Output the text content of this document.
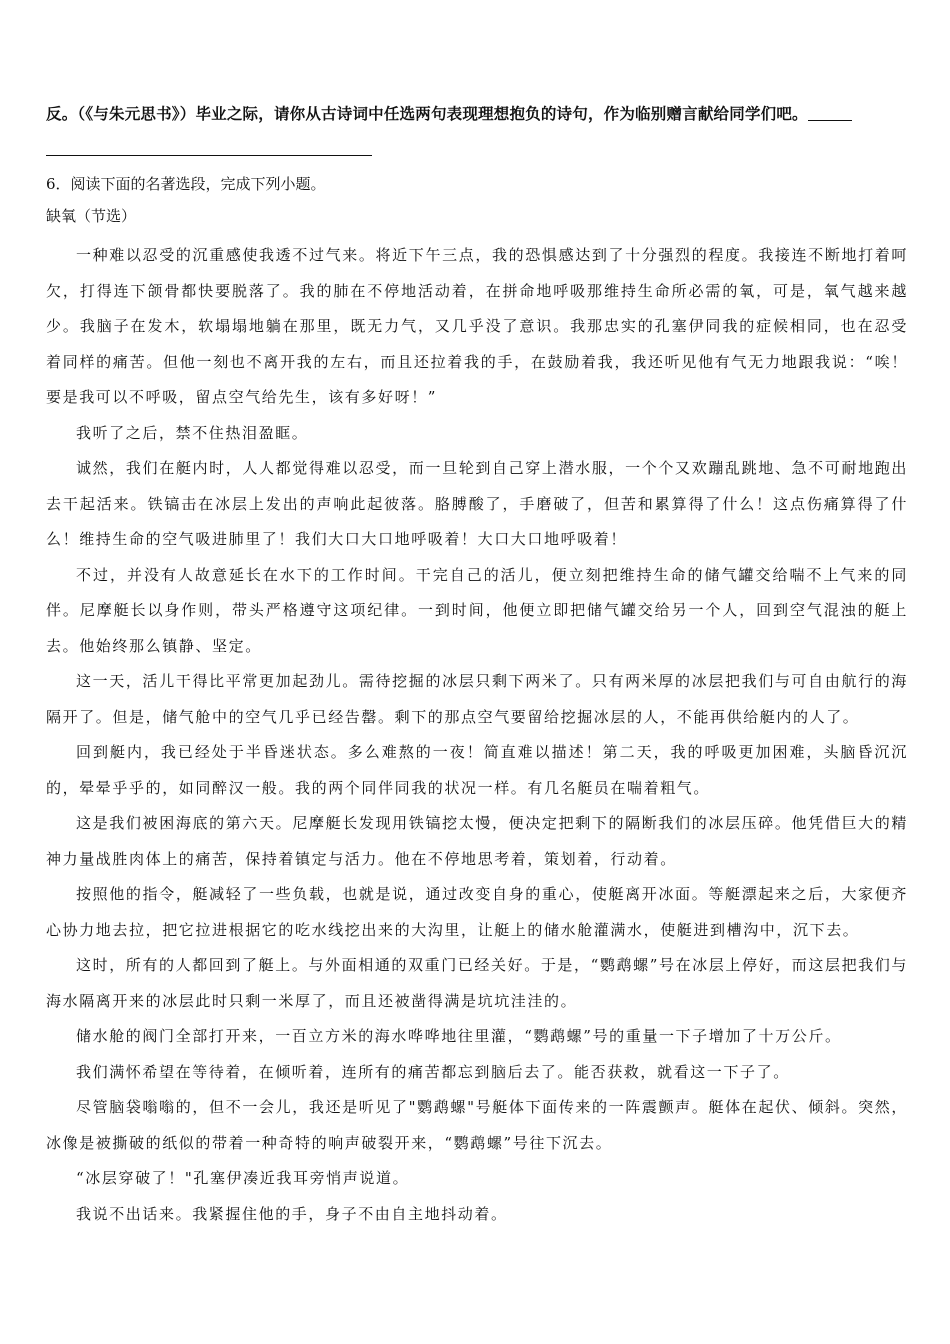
反。（《与朱元思书》）毕业之际，请你从古诗词中任选两句表现理想抱负的诗句，作为临别赠言献给同学们吧。
6．阅读下面的名著选段，完成下列小题。
缺氧（节选）

一种难以忍受的沉重感使我透不过气来。将近下午三点，我的恐惧感达到了十分强烈的程度。我接连不断地打着呵欠，打得连下颌骨都快要脱落了。我的肺在不停地活动着，在拼命地呼吸那维持生命所必需的氧，可是，氧气越来越少。我脑子在发木，软塌塌地躺在那里，既无力气，又几乎没了意识。我那忠实的孔塞伊同我的症候相同，也在忍受着同样的痛苦。但他一刻也不离开我的左右，而且还拉着我的手，在鼓励着我，我还听见他有气无力地跟我说：“唉！要是我可以不呼吸，留点空气给先生，该有多好呀！”

我听了之后，禁不住热泪盈眶。

诚然，我们在艇内时，人人都觉得难以忍受，而一旦轮到自己穿上潜水服，一个个又欢蹦乱跳地、急不可耐地跑出去干起活来。铁镐击在冰层上发出的声响此起彼落。胳膊酸了，手磨破了，但苦和累算得了什么！这点伤痛算得了什么！维持生命的空气吸进肺里了！我们大口大口地呼吸着！大口大口地呼吸着！

不过，并没有人故意延长在水下的工作时间。干完自己的活儿，便立刻把维持生命的储气罐交给喘不上气来的同伴。尼摩艇长以身作则，带头严格遵守这项纪律。一到时间，他便立即把储气罐交给另一个人，回到空气混浊的艇上去。他始终那么镇静、坚定。

这一天，活儿干得比平常更加起劲儿。需待挖掘的冰层只剩下两米了。只有两米厚的冰层把我们与可自由航行的海隔开了。但是，储气舱中的空气几乎已经告罄。剩下的那点空气要留给挖掘冰层的人，不能再供给艇内的人了。

回到艇内，我已经处于半昏迷状态。多么难熬的一夜！简直难以描述！第二天，我的呼吸更加困难，头脑昏沉沉的，晕晕乎乎的，如同醉汉一般。我的两个同伴同我的状况一样。有几名艇员在喘着粗气。

这是我们被困海底的第六天。尼摩艇长发现用铁镐挖太慢，便决定把剩下的隔断我们的冰层压碎。他凭借巨大的精神力量战胜肉体上的痛苦，保持着镇定与活力。他在不停地思考着，策划着，行动着。

按照他的指令，艇减轻了一些负载，也就是说，通过改变自身的重心，使艇离开冰面。等艇漂起来之后，大家便齐心协力地去拉，把它拉进根据它的吃水线挖出来的大沟里，让艇上的储水舱灌满水，使艇进到槽沟中，沉下去。

这时，所有的人都回到了艇上。与外面相通的双重门已经关好。于是，“鹦鹉螺”号在冰层上停好，而这层把我们与海水隔离开来的冰层此时只剩一米厚了，而且还被凿得满是坑坑洼洼的。

储水舱的阀门全部打开来，一百立方米的海水哗哗地往里灌，“鹦鹉螺”号的重量一下子增加了十万公斤。

我们满怀希望在等待着，在倾听着，连所有的痛苦都忘到脑后去了。能否获救，就看这一下子了。

尽管脑袋嗡嗡的，但不一会儿，我还是听见了"鹦鹉螺"号艇体下面传来的一阵震颤声。艇体在起伏、倾斜。突然，冰像是被撕破的纸似的带着一种奇特的响声破裂开来，“鹦鹉螺”号往下沉去。

“冰层穿破了！"孔塞伊凑近我耳旁悄声说道。

我说不出话来。我紧握住他的手，身子不由自主地抖动着。
